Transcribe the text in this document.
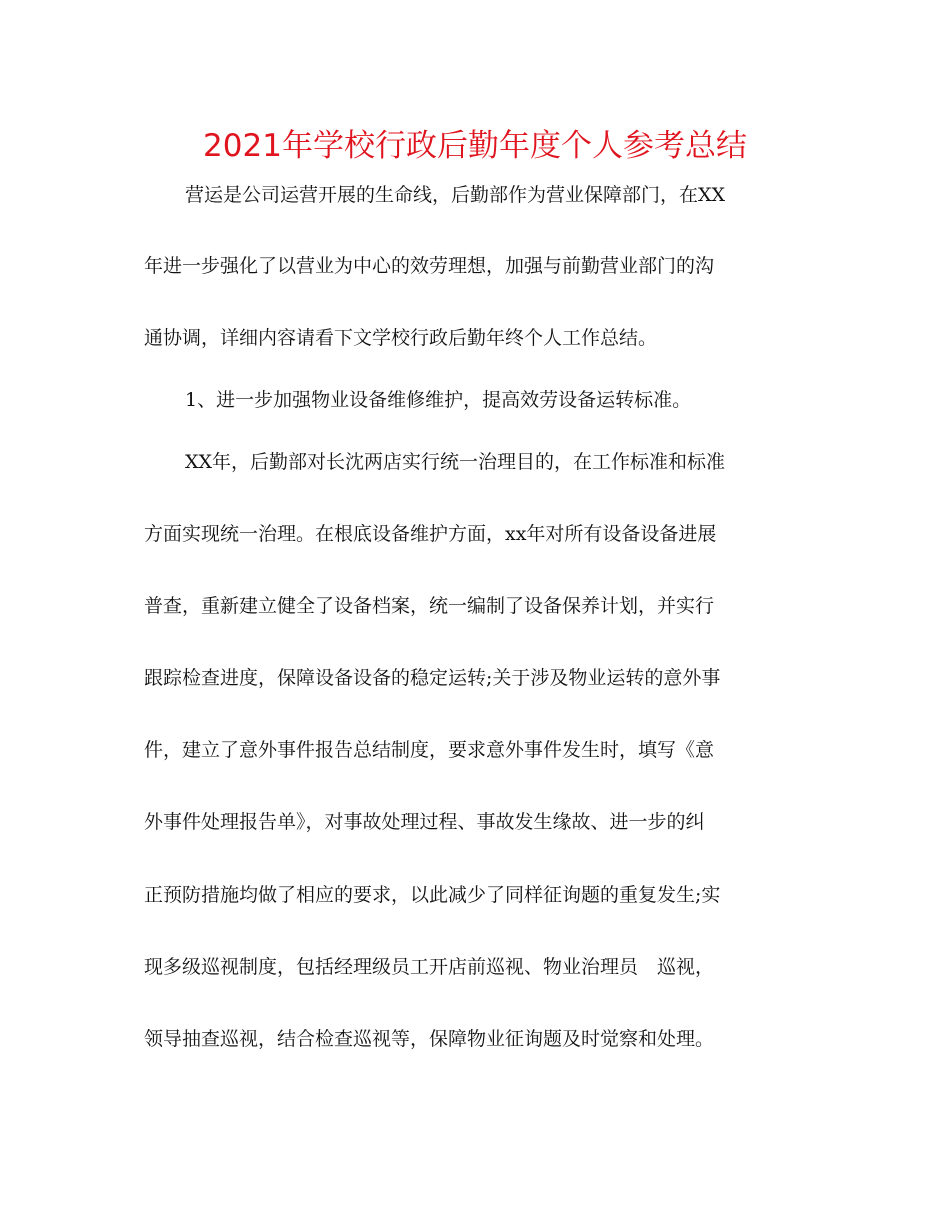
2021年学校行政后勤年度个人参考总结
营运是公司运营开展的生命线，后勤部作为营业保障部门，在XX
年进一步强化了以营业为中心的效劳理想，加强与前勤营业部门的沟
通协调，详细内容请看下文学校行政后勤年终个人工作总结。
1、进一步加强物业设备维修维护，提高效劳设备运转标准。
XX年，后勤部对长沈两店实行统一治理目的，在工作标准和标准
方面实现统一治理。在根底设备维护方面，xx年对所有设备设备进展
普查，重新建立健全了设备档案，统一编制了设备保养计划，并实行
跟踪检查进度，保障设备设备的稳定运转;关于涉及物业运转的意外事
件，建立了意外事件报告总结制度，要求意外事件发生时，填写《意
外事件处理报告单》，对事故处理过程、事故发生缘故、进一步的纠
正预防措施均做了相应的要求，以此减少了同样征询题的重复发生;实
现多级巡视制度，包括经理级员工开店前巡视、物业治理员　巡视，
领导抽查巡视，结合检查巡视等，保障物业征询题及时觉察和处理。
